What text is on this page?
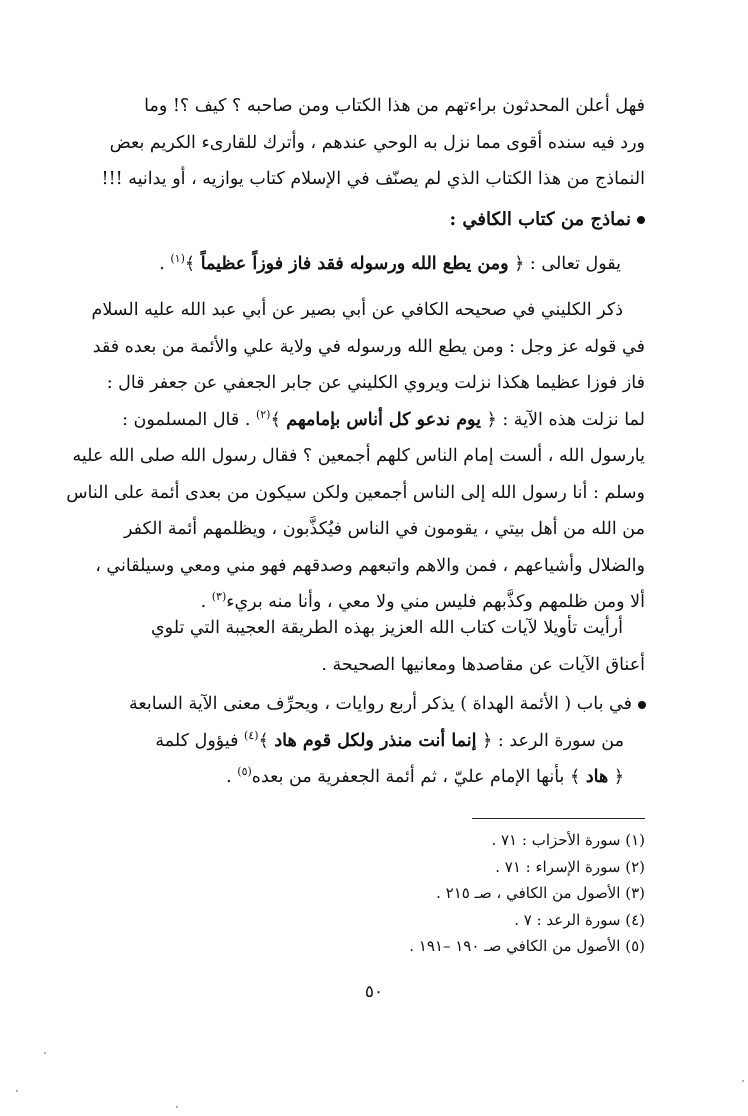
فهل أعلن المحدثون براءتهم من هذا الكتاب ومن صاحبه ؟ كيف ؟! وما
ورد فيه سنده أقوى مما نزل به الوحي عندهم ، وأترك للقارىء الكريم بعض
النماذج من هذا الكتاب الذي لم يصنّف في الإسلام كتاب يوازيه ، أو يدانيه !!!
نماذج من كتاب الكافي :
يقول تعالى : ﴿ ومن يطع الله ورسوله فقد فاز فوزاً عظيماً ﴾$^{(١)}$ .
ذكر الكليني في صحيحه الكافي عن أبي بصير عن أبي عبد الله عليه السلام
في قوله عز وجل : ومن يطع الله ورسوله في ولاية علي والأئمة من بعده فقد
فاز فوزا عظيما هكذا نزلت ويروي الكليني عن جابر الجعفي عن جعفر قال :
لما نزلت هذه الآية : ﴿ يوم ندعو كل أناس بإمامهم ﴾$^{(٢)}$ . قال المسلمون :
يارسول الله ، ألست إمام الناس كلهم أجمعين ؟ فقال رسول الله صلى الله عليه
وسلم : أنا رسول الله إلى الناس أجمعين ولكن سيكون من بعدى أئمة على الناس
من الله من أهل بيتي ، يقومون في الناس فيُكذَّبون ، ويظلمهم أئمة الكفر
والضلال وأشياعهم ، فمن والاهم واتبعهم وصدقهم فهو مني ومعي وسيلقاني ،
ألا ومن ظلمهم وكذَّبهم فليس مني ولا معي ، وأنا منه بريء$^{(٣)}$ .
أرأيت تأويلا لآيات كتاب الله العزيز بهذه الطريقة العجيبة التي تلوي
أعناق الآيات عن مقاصدها ومعانيها الصحيحة .
في باب ( الأئمة الهداة ) يذكر أربع روايات ، ويحرِّف معنى الآية السابعة
من سورة الرعد : ﴿ إنما أنت منذر ولكل قوم هاد ﴾$^{(٤)}$ فيؤول كلمة
﴿ هاد ﴾ بأنها الإمام عليّ ، ثم أئمة الجعفرية من بعده$^{(٥)}$ .
(١) سورة الأحزاب : ٧١ .
(٢) سورة الإسراء : ٧١ .
(٣) الأصول من الكافي ، صـ ٢١٥ .
(٤) سورة الرعد : ٧ .
(٥) الأصول من الكافي صـ ١٩٠ –١٩١ .
٥٠
